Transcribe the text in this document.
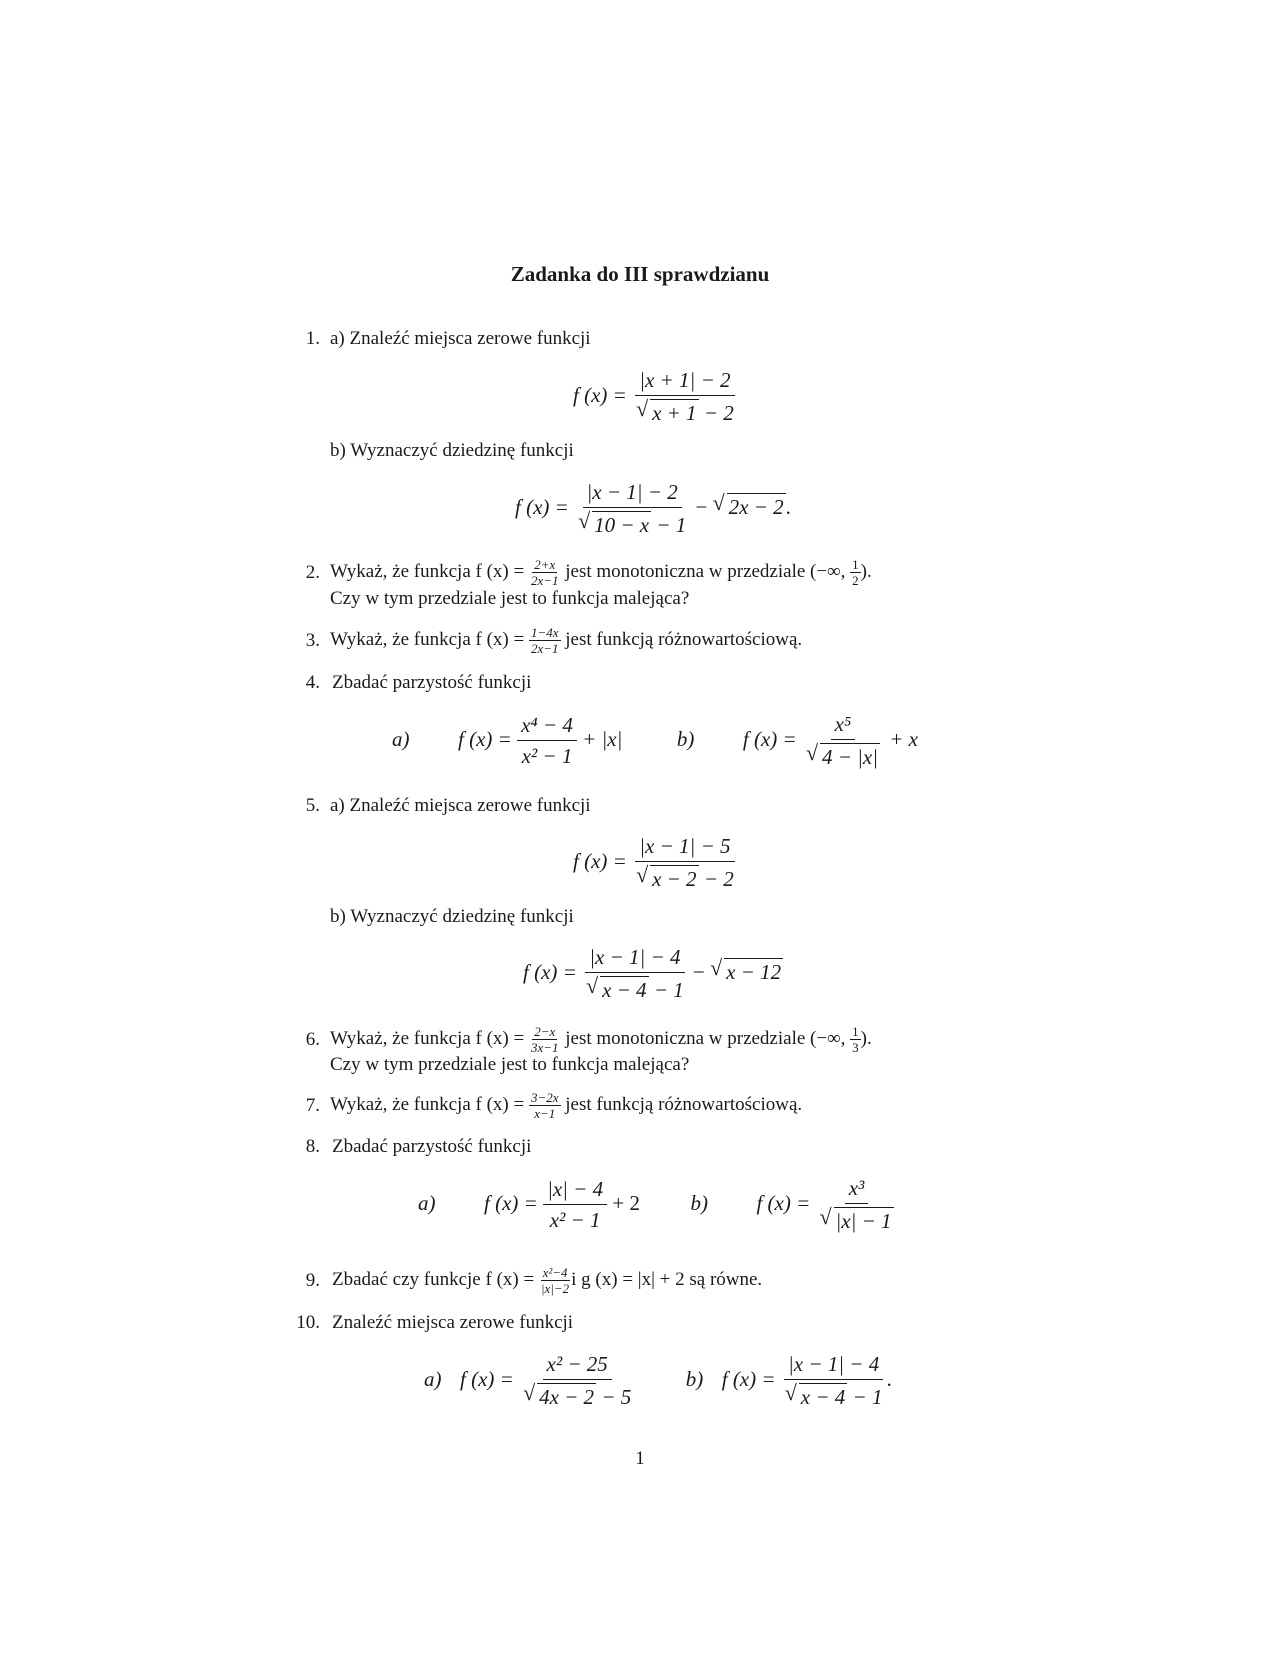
Zadanka do III sprawdzianu
1. a) Znaleźć miejsca zerowe funkcji
f $(x) = \frac{|x + 1| - 2}{√ x + 1 - 2}$
b) Wyznaczyć dziedzinę funkcji
f $(x) = \frac{|x - 1| - 2}{√ 10 - x - 1}$ − √ 2x − 2.
2. Wykaż, że funkcja f $(x) = \frac{2+x}{2x-1}$ jest monotoniczna w przedziale (−∞, $\frac{1}{2}$ ).
Czy w tym przedziale jest to funkcja malejąca?
3. Wykaż, że funkcja f $(x) = \frac{1-4x}{2x-1}$ jest funkcją różnowartościową.
4. Zbadać parzystość funkcji
a) f $(x) = \frac{\text{x⁴ − 4}}{\text{x² − 1}} + |x|$	b) f $(x) = \frac{\text{x⁵}}{√ 4 - |x|} + x$
5. a) Znaleźć miejsca zerowe funkcji
f $(x) = \frac{|x - 1| - 5}{√ x - 2 - 2}$
b) Wyznaczyć dziedzinę funkcji
f $(x) = \frac{|x - 1| - 4}{√ x - 4 - 1}$ − √ x − 12
6. Wykaż, że funkcja f $(x) = \frac{2-x}{3x-1}$ jest monotoniczna w przedziale (−∞, $\frac{1}{3}$ ).
Czy w tym przedziale jest to funkcja malejąca?
7. Wykaż, że funkcja f $(x) = \frac{3-2x}{x-1}$ jest funkcją różnowartościową.
8. Zbadać parzystość funkcji
a) f $(x) = \frac{|x| - 4}{\text{x² − 1}} + 2$ b) f $(x) = \frac{\text{x³}}{√ |x| - 1}$
9. Zbadać czy funkcje f $(x) = \frac{\text{x²−4}}{|x|-2}$ i g (x) = |x| + 2 są równe.
10. Znaleźć miejsca zerowe funkcji
a) f $(x) = \frac{\text{x² − 25}}{√ 4x - 2 - 5} b$) f $(x) = \frac{|x - 1| - 4}{√ x - 4 - 1}$ .
1
